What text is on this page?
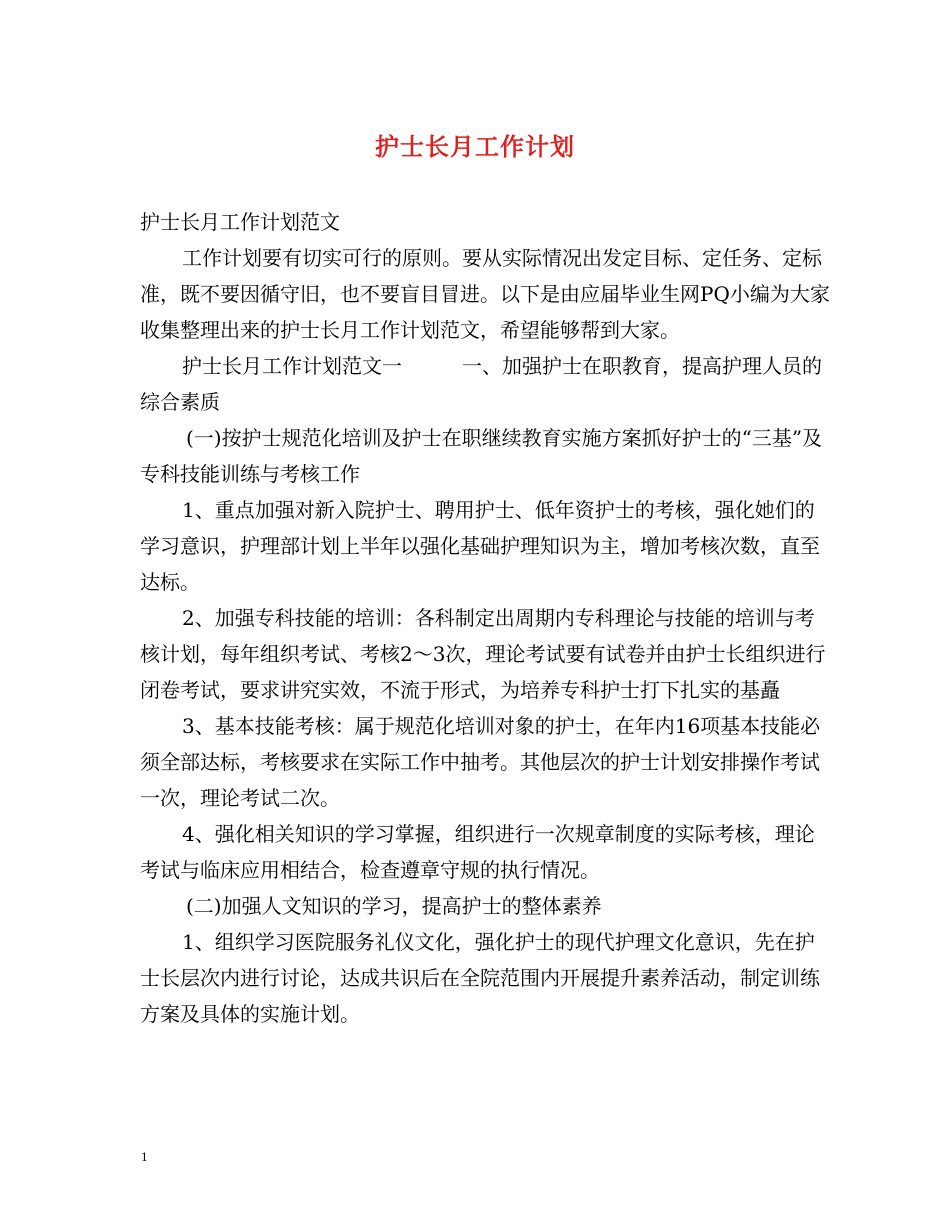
护士长月工作计划

护士长月工作计划范文

工作计划要有切实可行的原则。要从实际情况出发定目标、定任务、定标准，既不要因循守旧，也不要盲目冒进。以下是由应届毕业生网PQ小编为大家收集整理出来的护士长月工作计划范文，希望能够帮到大家。

护士长月工作计划范文一　　　一、加强护士在职教育，提高护理人员的综合素质

(一)按护士规范化培训及护士在职继续教育实施方案抓好护士的“三基”及专科技能训练与考核工作

1、重点加强对新入院护士、聘用护士、低年资护士的考核，强化她们的学习意识，护理部计划上半年以强化基础护理知识为主，增加考核次数，直至达标。

2、加强专科技能的培训：各科制定出周期内专科理论与技能的培训与考核计划，每年组织考试、考核2～3次，理论考试要有试卷并由护士长组织进行闭卷考试，要求讲究实效，不流于形式，为培养专科护士打下扎实的基矗

3、基本技能考核：属于规范化培训对象的护士，在年内16项基本技能必须全部达标，考核要求在实际工作中抽考。其他层次的护士计划安排操作考试一次，理论考试二次。

4、强化相关知识的学习掌握，组织进行一次规章制度的实际考核，理论考试与临床应用相结合，检查遵章守规的执行情况。

(二)加强人文知识的学习，提高护士的整体素养

1、组织学习医院服务礼仪文化，强化护士的现代护理文化意识，先在护士长层次内进行讨论，达成共识后在全院范围内开展提升素养活动，制定训练方案及具体的实施计划。

1
